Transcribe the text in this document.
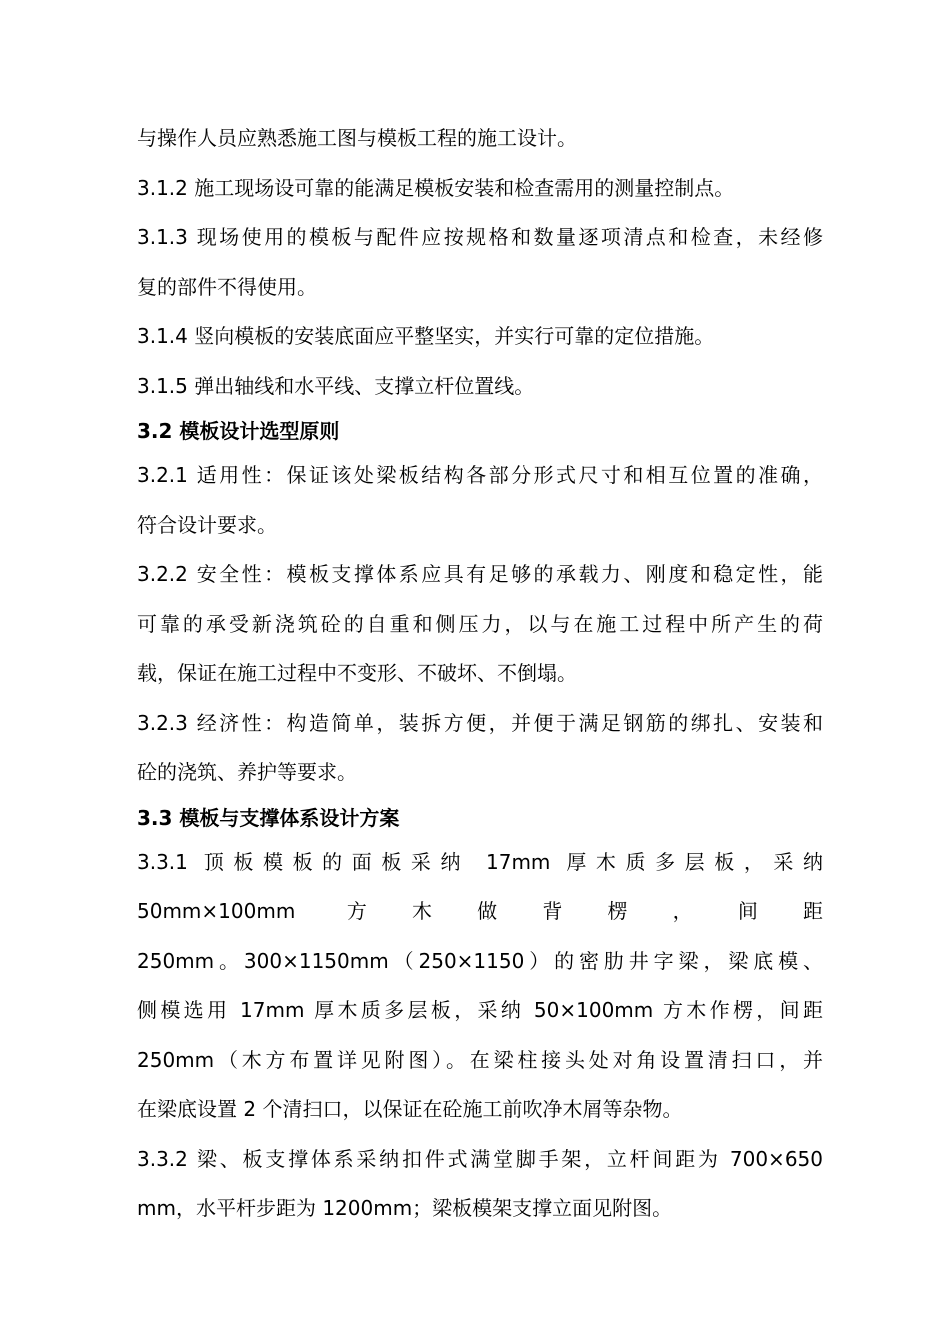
与操作人员应熟悉施工图与模板工程的施工设计。

3.1.2 施工现场设可靠的能满足模板安装和检查需用的测量控制点。

3.1.3 现场使用的模板与配件应按规格和数量逐项清点和检查，未经修

复的部件不得使用。

3.1.4 竖向模板的安装底面应平整坚实，并实行可靠的定位措施。

3.1.5 弹出轴线和水平线、支撑立杆位置线。

3.2 模板设计选型原则

3.2.1 适用性：保证该处梁板结构各部分形式尺寸和相互位置的准确，

符合设计要求。

3.2.2 安全性：模板支撑体系应具有足够的承载力、刚度和稳定性，能

可靠的承受新浇筑砼的自重和侧压力，以与在施工过程中所产生的荷

载，保证在施工过程中不变形、不破坏、不倒塌。

3.2.3 经济性：构造简单，装拆方便，并便于满足钢筋的绑扎、安装和

砼的浇筑、养护等要求。

3.3 模板与支撑体系设计方案

3.3.1 顶板模板的面板采纳 17mm 厚木质多层板，采纳

50mm×100mm 方木做背楞，间距

250mm。300×1150mm（250×1150）的密肋井字梁，梁底模、

侧模选用 17mm 厚木质多层板，采纳 50×100mm 方木作楞，间距

250mm（木方布置详见附图）。在梁柱接头处对角设置清扫口，并

在梁底设置 2 个清扫口，以保证在砼施工前吹净木屑等杂物。

3.3.2 梁、板支撑体系采纳扣件式满堂脚手架，立杆间距为 700×650

mm，水平杆步距为 1200mm；梁板模架支撑立面见附图。
